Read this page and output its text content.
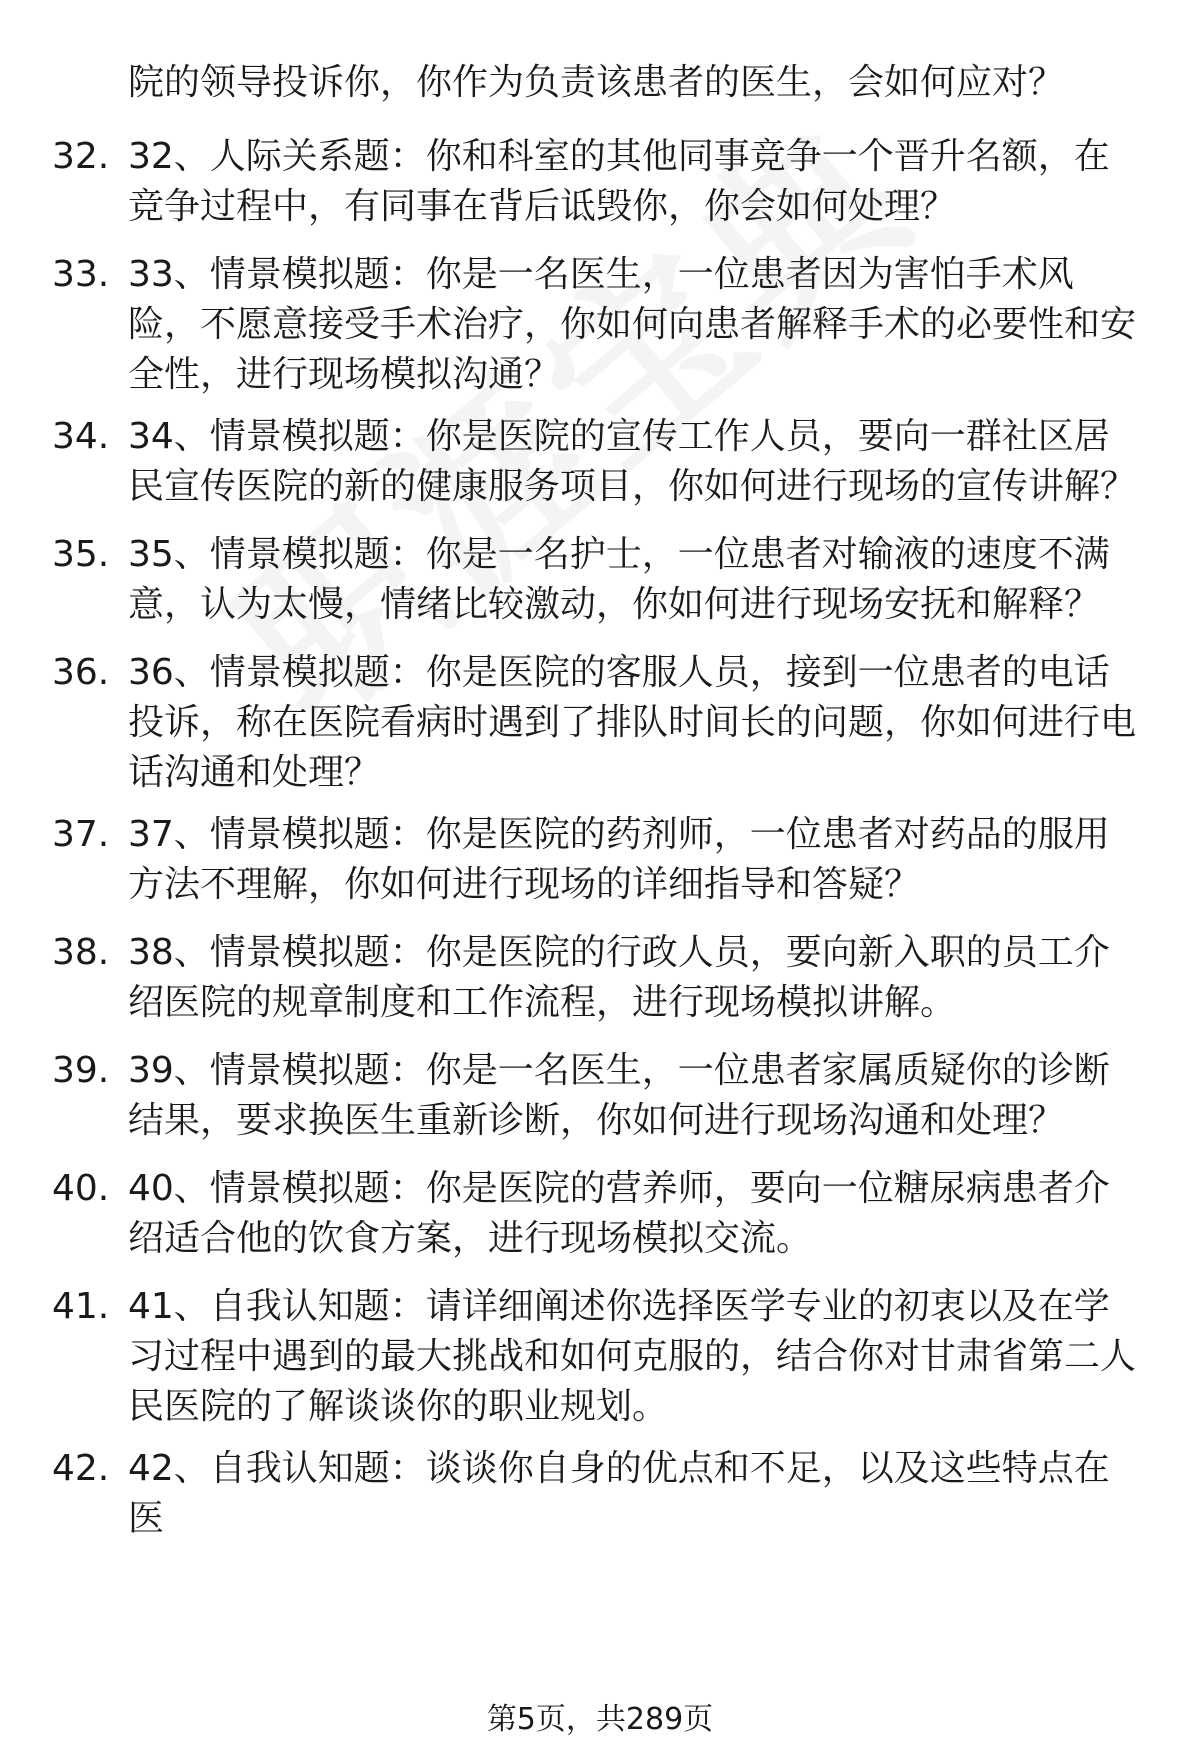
院的领导投诉你，你作为负责该患者的医生，会如何应对？

32. 32、人际关系题：你和科室的其他同事竞争一个晋升名额，在竞争过程中，有同事在背后诋毁你，你会如何处理？

33. 33、情景模拟题：你是一名医生，一位患者因为害怕手术风险，不愿意接受手术治疗，你如何向患者解释手术的必要性和安全性，进行现场模拟沟通？

34. 34、情景模拟题：你是医院的宣传工作人员，要向一群社区居民宣传医院的新的健康服务项目，你如何进行现场的宣传讲解？

35. 35、情景模拟题：你是一名护士，一位患者对输液的速度不满意，认为太慢，情绪比较激动，你如何进行现场安抚和解释？

36. 36、情景模拟题：你是医院的客服人员，接到一位患者的电话投诉，称在医院看病时遇到了排队时间长的问题，你如何进行电话沟通和处理？

37. 37、情景模拟题：你是医院的药剂师，一位患者对药品的服用方法不理解，你如何进行现场的详细指导和答疑？

38. 38、情景模拟题：你是医院的行政人员，要向新入职的员工介绍医院的规章制度和工作流程，进行现场模拟讲解。

39. 39、情景模拟题：你是一名医生，一位患者家属质疑你的诊断结果，要求换医生重新诊断，你如何进行现场沟通和处理？

40. 40、情景模拟题：你是医院的营养师，要向一位糖尿病患者介绍适合他的饮食方案，进行现场模拟交流。

41. 41、自我认知题：请详细阐述你选择医学专业的初衷以及在学习过程中遇到的最大挑战和如何克服的，结合你对甘肃省第二人民医院的了解谈谈你的职业规划。

42. 42、自我认知题：谈谈你自身的优点和不足，以及这些特点在医

第5页，共289页
